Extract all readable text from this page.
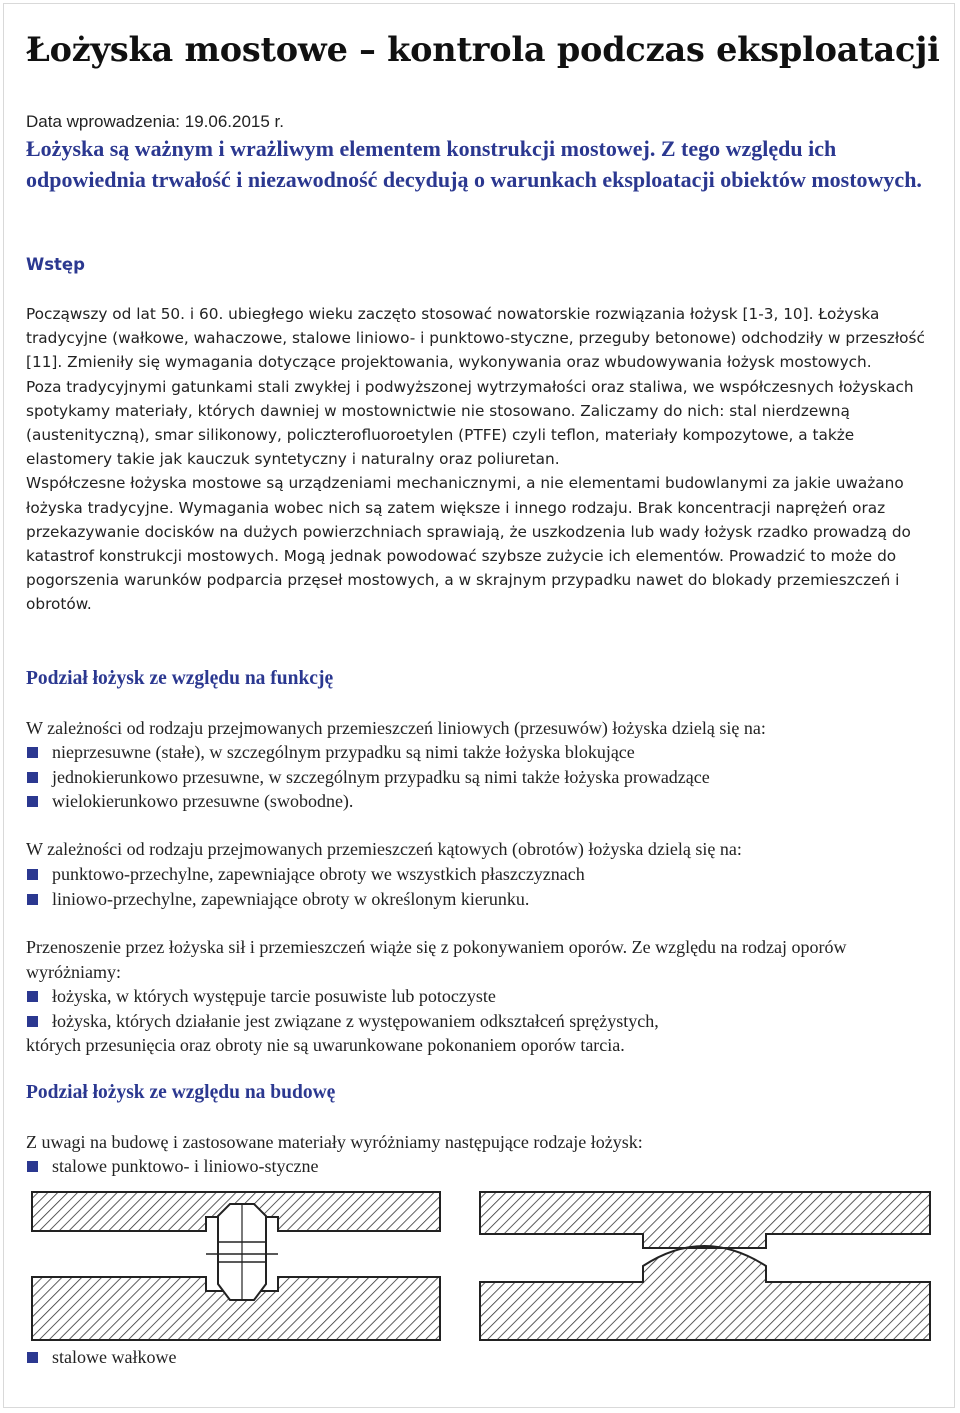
Łożyska mostowe – kontrola podczas eksploatacji
Data wprowadzenia: 19.06.2015 r.

Łożyska są ważnym i wrażliwym elementem konstrukcji mostowej. Z tego względu ich odpowiednia trwałość i niezawodność decydują o warunkach eksploatacji obiektów mostowych.

Wstęp

Począwszy od lat 50. i 60. ubiegłego wieku zaczęto stosować nowatorskie rozwiązania łożysk [1-3, 10]. Łożyska tradycyjne (wałkowe, wahaczowe, stalowe liniowo- i punktowo-styczne, przeguby betonowe) odchodziły w przeszłość [11]. Zmieniły się wymagania dotyczące projektowania, wykonywania oraz wbudowywania łożysk mostowych.

Poza tradycyjnymi gatunkami stali zwykłej i podwyższonej wytrzymałości oraz staliwa, we współczesnych łożyskach spotykamy materiały, których dawniej w mostownictwie nie stosowano. Zaliczamy do nich: stal nierdzewną (austenityczną), smar silikonowy, policzterofluoroetylen (PTFE) czyli teflon, materiały kompozytowe, a także elastomery takie jak kauczuk syntetyczny i naturalny oraz poliuretan.

Współczesne łożyska mostowe są urządzeniami mechanicznymi, a nie elementami budowlanymi za jakie uważano łożyska tradycyjne. Wymagania wobec nich są zatem większe i innego rodzaju. Brak koncentracji naprężeń oraz przekazywanie docisków na dużych powierzchniach sprawiają, że uszkodzenia lub wady łożysk rzadko prowadzą do katastrof konstrukcji mostowych. Mogą jednak powodować szybsze zużycie ich elementów. Prowadzić to może do pogorszenia warunków podparcia przęseł mostowych, a w skrajnym przypadku nawet do blokady przemieszczeń i obrotów.

Podział łożysk ze względu na funkcję

W zależności od rodzaju przejmowanych przemieszczeń liniowych (przesuwów) łożyska dzielą się na:

nieprzesuwne (stałe), w szczególnym przypadku są nimi także łożyska blokujące
jednokierunkowo przesuwne, w szczególnym przypadku są nimi także łożyska prowadzące
wielokierunkowo przesuwne (swobodne).

W zależności od rodzaju przejmowanych przemieszczeń kątowych (obrotów) łożyska dzielą się na:

punktowo-przechylne, zapewniające obroty we wszystkich płaszczyznach
liniowo-przechylne, zapewniające obroty w określonym kierunku.

Przenoszenie przez łożyska sił i przemieszczeń wiąże się z pokonywaniem oporów. Ze względu na rodzaj oporów wyróżniamy:

łożyska, w których występuje tarcie posuwiste lub potoczyste
łożyska, których działanie jest związane z występowaniem odkształceń sprężystych,

których przesunięcia oraz obroty nie są uwarunkowane pokonaniem oporów tarcia.

Podział łożysk ze względu na budowę

Z uwagi na budowę i zastosowane materiały wyróżniamy następujące rodzaje łożysk:

stalowe punktowo- i liniowo-styczne
stalowe wałkowe
